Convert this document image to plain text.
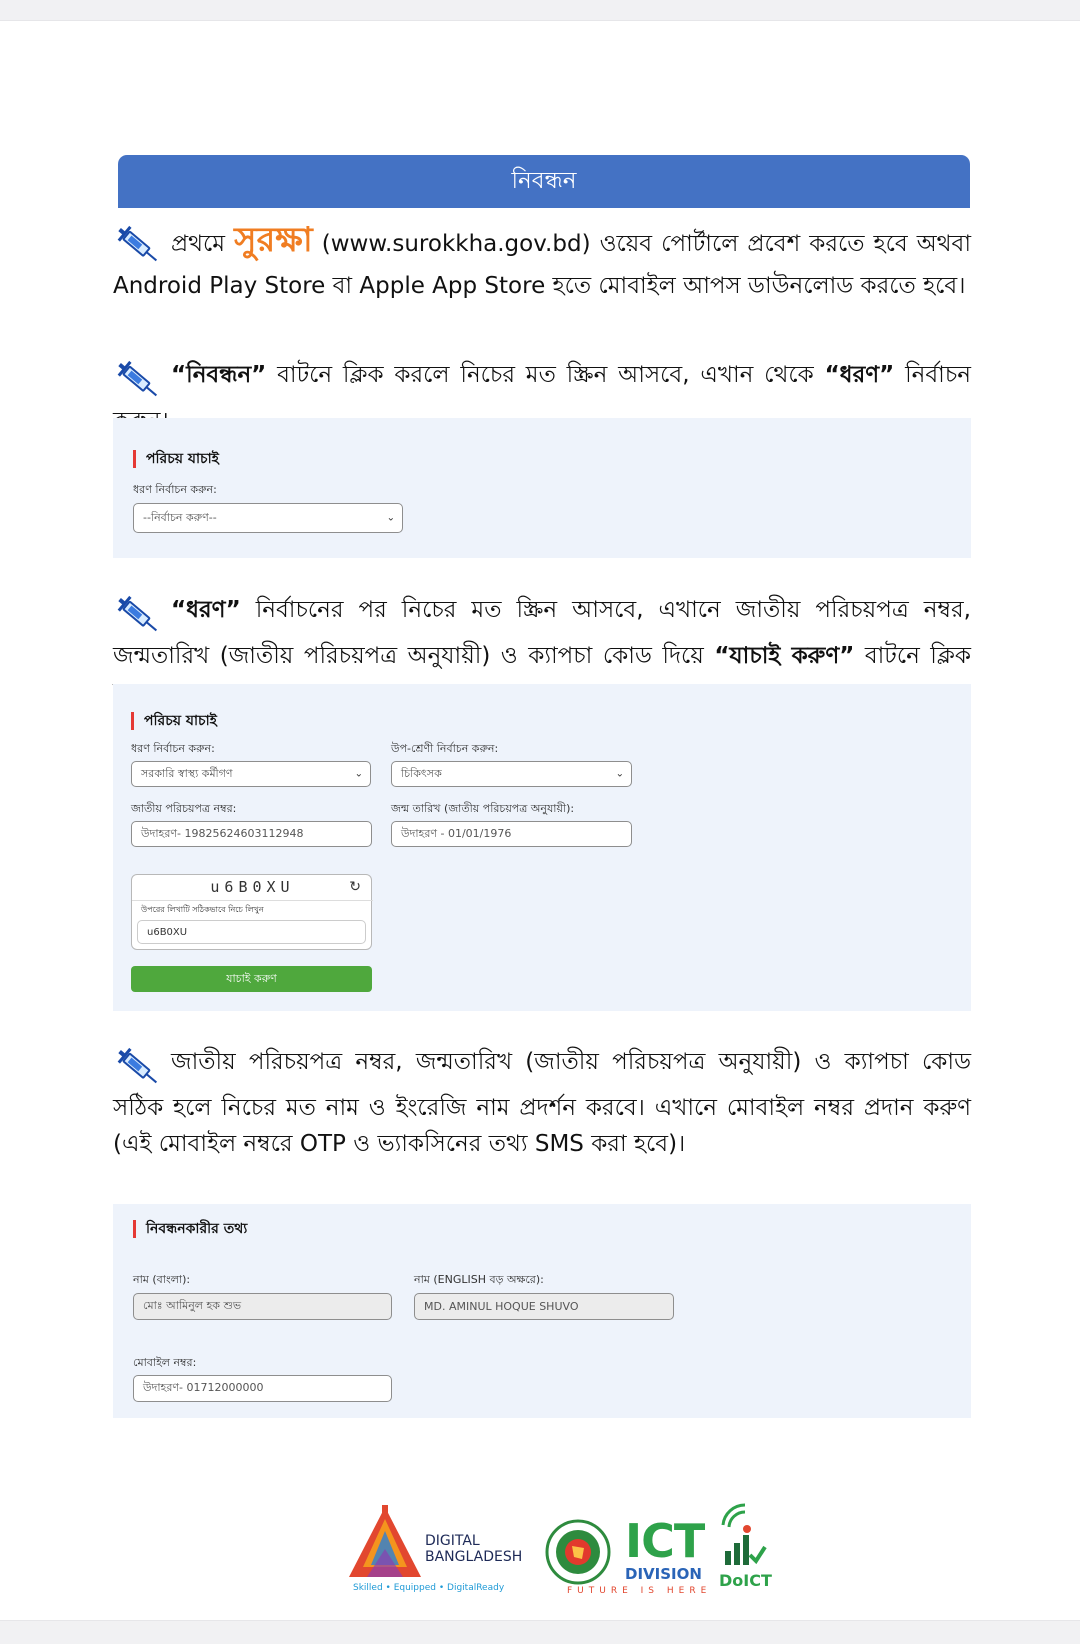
নিবন্ধন
প্রথমে সুরক্ষা (www.surokkha.gov.bd) ওয়েব পোর্টালে প্রবেশ করতে হবে অথবা Android Play Store বা Apple App Store হতে মোবাইল আপস ডাউনলোড করতে হবে।
“নিবন্ধন” বাটনে ক্লিক করলে নিচের মত স্ক্রিন আসবে, এখান থেকে “ধরণ” নির্বাচন
পরিচয় যাচাই
ধরণ নির্বাচন করুন:
--নির্বাচন করুণ--	⌄
“ধরণ” নির্বাচনের পর নিচের মত স্ক্রিন আসবে, এখানে জাতীয় পরিচয়পত্র নম্বর, জন্মতারিখ (জাতীয় পরিচয়পত্র অনুযায়ী) ও ক্যাপচা কোড দিয়ে “যাচাই করুণ” বাটনে ক্লিক
পরিচয় যাচাই
ধরণ নির্বাচন করুন:
সরকারি স্বাস্থ্য কর্মীগণ	⌄
উপ-শ্রেণী নির্বাচন করুন:
চিকিৎসক	⌄
জাতীয় পরিচয়পত্র নম্বর:
উদাহরণ- 19825624603112948
জন্ম তারিখ (জাতীয় পরিচয়পত্র অনুযায়ী):
উদাহরণ - 01/01/1976
u6B0XU	↻
উপরের লিখাটি সঠিকভাবে নিচে লিখুন
u6B0XU
যাচাই করুণ
জাতীয় পরিচয়পত্র নম্বর, জন্মতারিখ (জাতীয় পরিচয়পত্র অনুযায়ী) ও ক্যাপচা কোড সঠিক হলে নিচের মত নাম ও ইংরেজি নাম প্রদর্শন করবে। এখানে মোবাইল নম্বর প্রদান করুণ (এই মোবাইল নম্বরে OTP ও ভ্যাকসিনের তথ্য SMS করা হবে)।
নিবন্ধনকারীর তথ্য
নাম (বাংলা):
মোঃ আমিনুল হক শুভ
নাম (ENGLISH বড় অক্ষরে):
MD. AMINUL HOQUE SHUVO
মোবাইল নম্বর:
উদাহরণ- 01712000000
DIGITAL
BANGLADESH
Skilled • Equipped • DigitalReady
ICT
DIVISION
FUTURE IS HERE
DoICT
